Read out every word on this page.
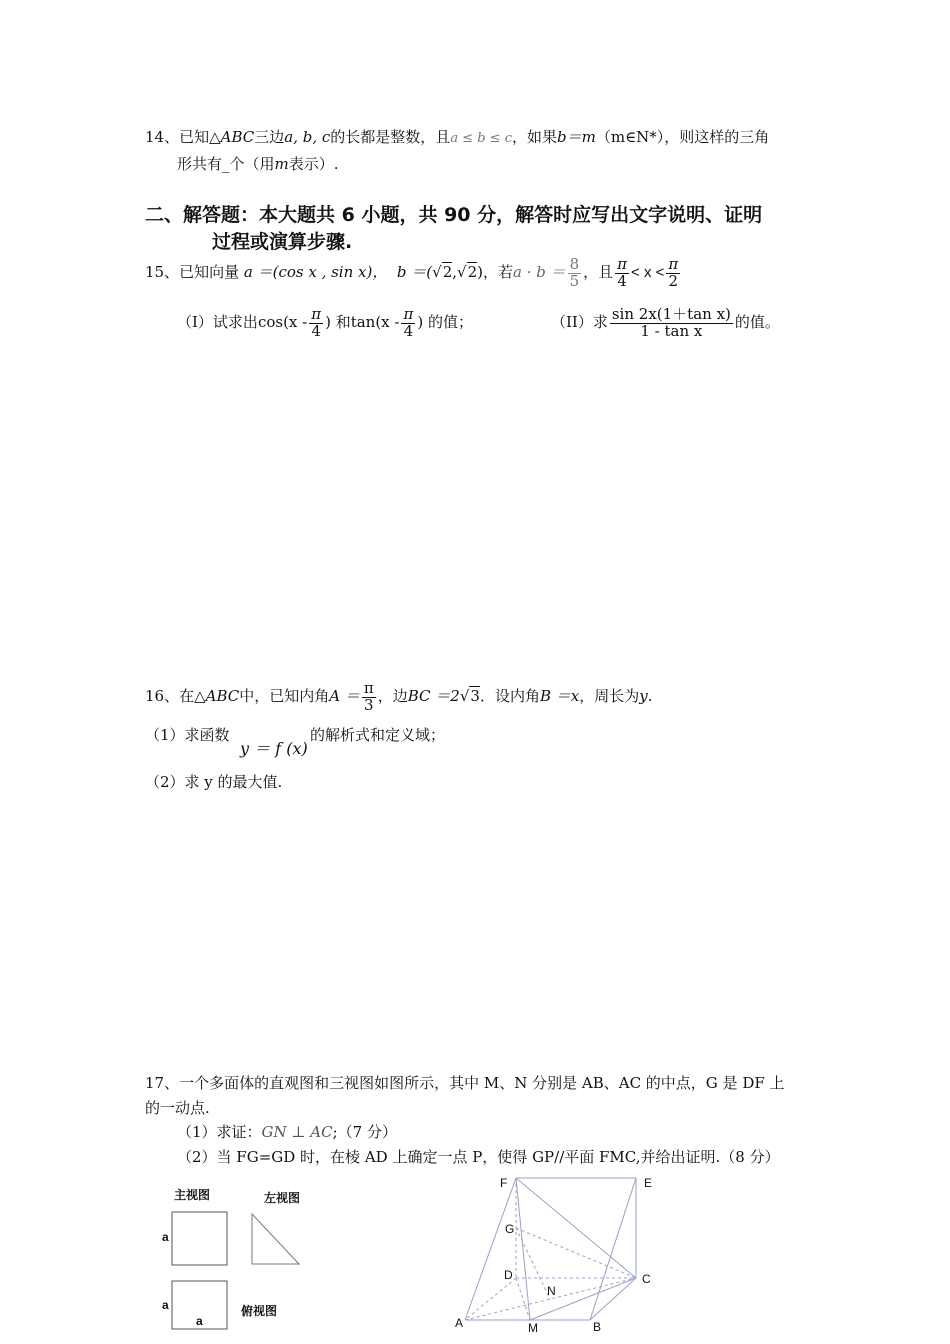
14、已知△ABC三边a, b, c的长都是整数，且a ≤ b ≤ c，如果b＝m（m∈N*），则这样的三角
形共有_个（用m表示）.
二、解答题：本大题共 6 小题，共 90 分，解答时应写出文字说明、证明
过程或演算步骤.
15、已知向量 a ＝(cos x , sin x)， b ＝(√2,√2)，若$a \cdot b = \frac{8}{5}$ ，且 $\frac{\pi}{4} < x < \frac{\pi}{2}$
（I）试求出$\cos(x - \frac{\pi}{4}$ ) 和$\tan(x - \frac{\pi}{4}$ ) 的值；	（II）求 $\frac{\text{sin 2x(1＋tan x)}}{\text{1 - tan x}}$ 的值。
16、在△ABC中，已知内角$A = \frac{\pi}{3}$ ，边BC ＝2√3．设内角B ＝x，周长为y.
（1）求函数
y ＝ f (x)
的解析式和定义域；
（2）求 y 的最大值.
17、一个多面体的直观图和三视图如图所示，其中 M、N 分别是 AB、AC 的中点，G 是 DF 上
的一动点.
（1）求证：GN ⊥ AC;（7 分）
（2）当 FG=GD 时，在棱 AD 上确定一点 P，使得 GP//平面 FMC,并给出证明.（8 分）
主视图	左视图
俯视图
a
a
a
F	E
G
D	C
N
A	M	B
